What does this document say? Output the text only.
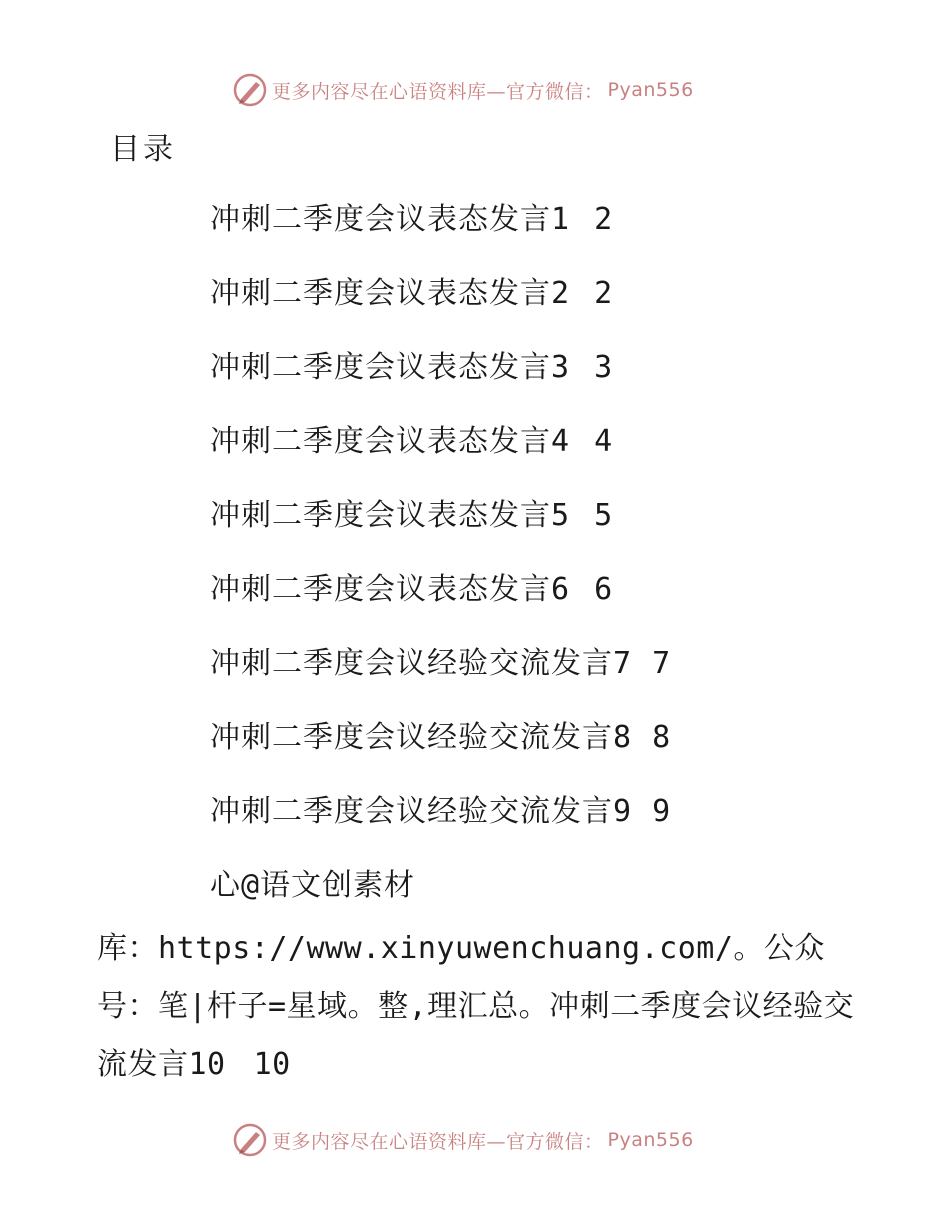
更多内容尽在心语资料库—官方微信： Pyan556
目录
冲刺二季度会议表态发言1 2
冲刺二季度会议表态发言2 2
冲刺二季度会议表态发言3 3
冲刺二季度会议表态发言4 4
冲刺二季度会议表态发言5 5
冲刺二季度会议表态发言6 6
冲刺二季度会议经验交流发言7 7
冲刺二季度会议经验交流发言8 8
冲刺二季度会议经验交流发言9 9
心@语文创素材
库：https://www.xinyuwenchuang.com/。公众号：笔|杆子=星域。整,理汇总。冲刺二季度会议经验交流发言10 10
更多内容尽在心语资料库—官方微信： Pyan556
